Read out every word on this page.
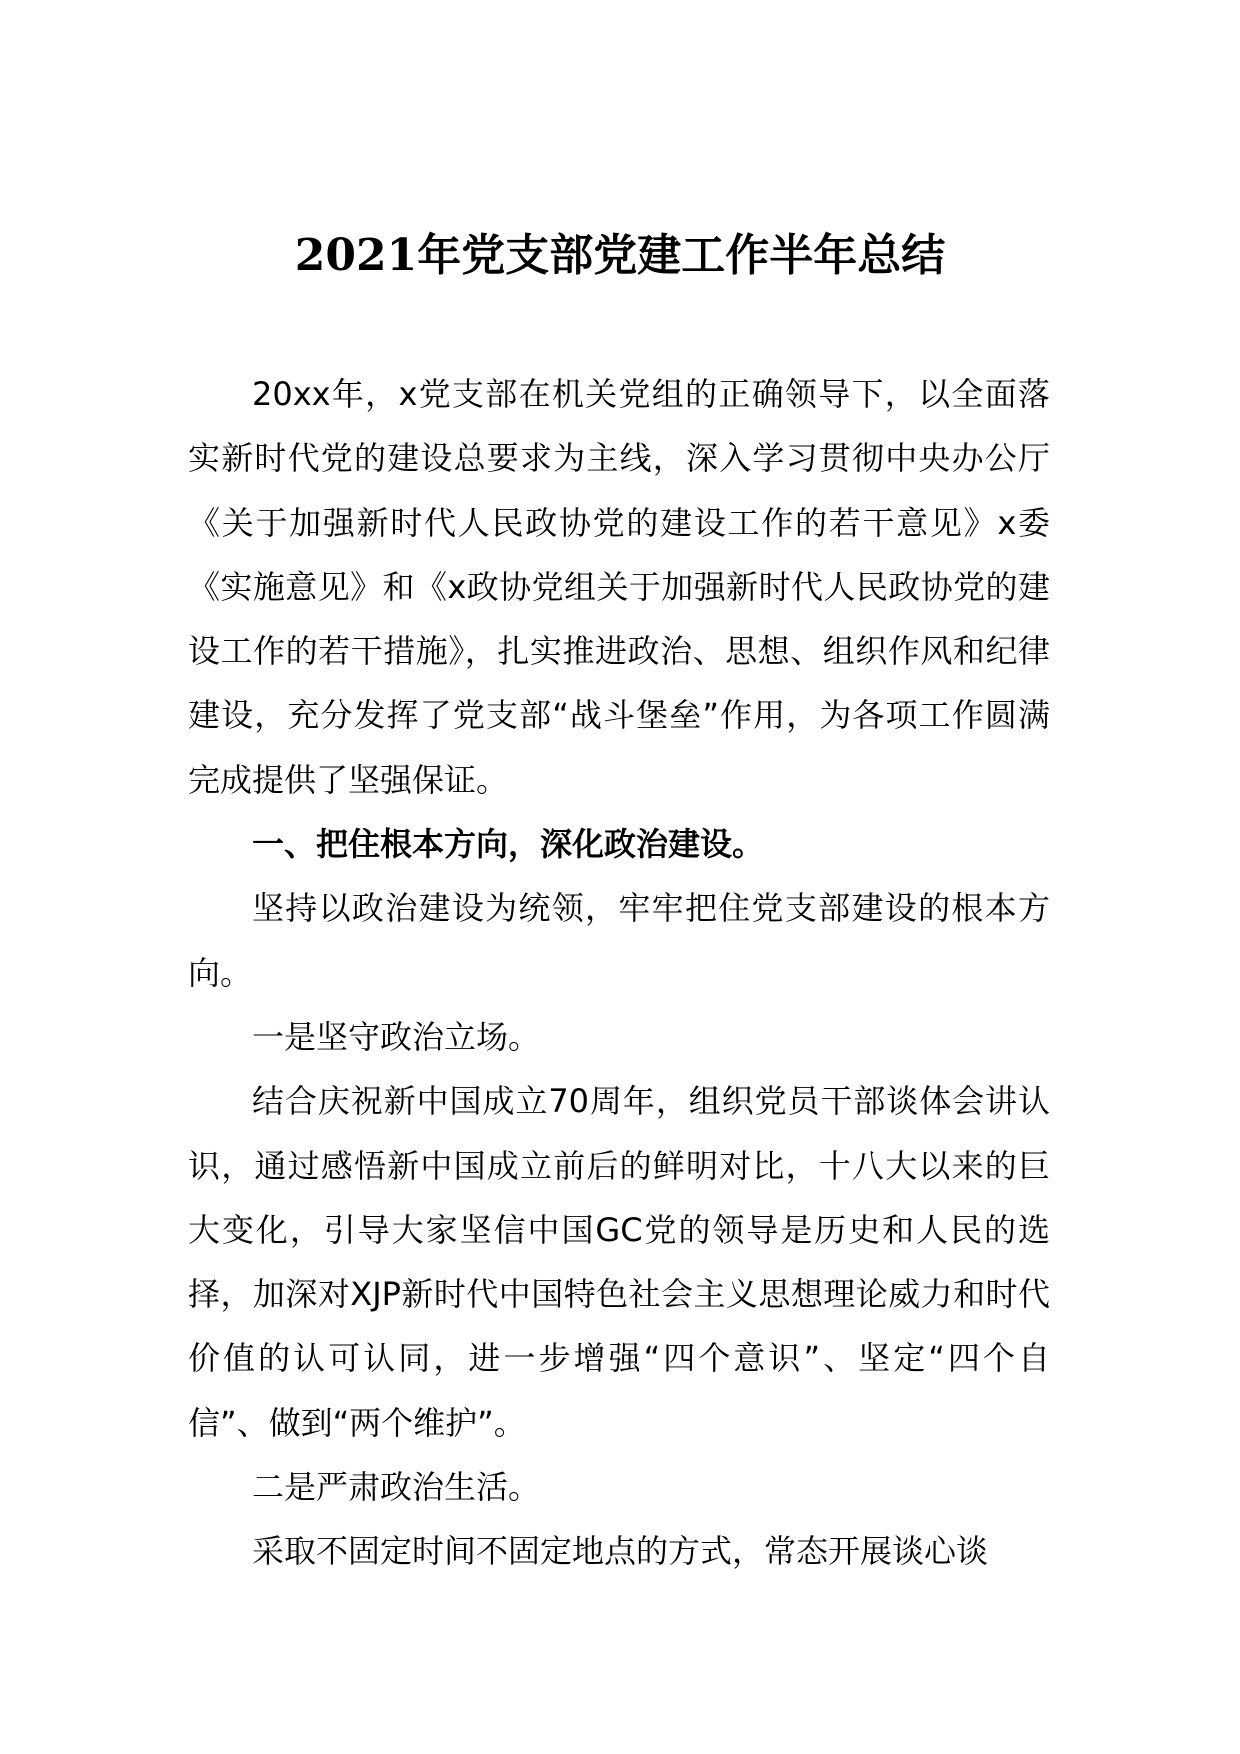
2021年党支部党建工作半年总结

20xx年，x党支部在机关党组的正确领导下，以全面落实新时代党的建设总要求为主线，深入学习贯彻中央办公厅《关于加强新时代人民政协党的建设工作的若干意见》x委《实施意见》和《x政协党组关于加强新时代人民政协党的建设工作的若干措施》，扎实推进政治、思想、组织作风和纪律建设，充分发挥了党支部“战斗堡垒”作用，为各项工作圆满完成提供了坚强保证。

一、把住根本方向，深化政治建设。

坚持以政治建设为统领，牢牢把住党支部建设的根本方向。

一是坚守政治立场。

结合庆祝新中国成立70周年，组织党员干部谈体会讲认识，通过感悟新中国成立前后的鲜明对比，十八大以来的巨大变化，引导大家坚信中国GC党的领导是历史和人民的选择，加深对XJP新时代中国特色社会主义思想理论威力和时代价值的认可认同，进一步增强“四个意识”、坚定“四个自信”、做到“两个维护”。

二是严肃政治生活。

采取不固定时间不固定地点的方式，常态开展谈心谈
